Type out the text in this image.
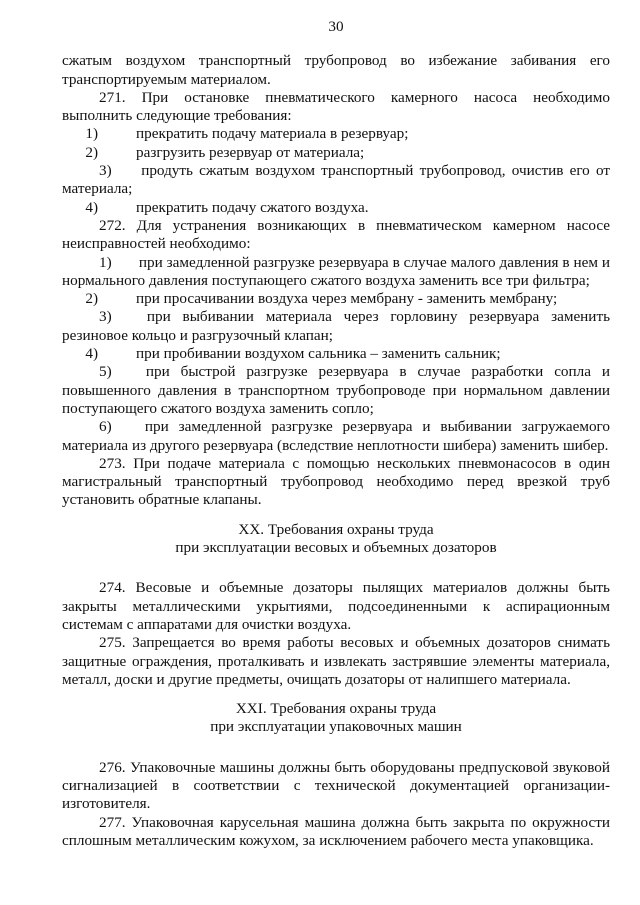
30

сжатым воздухом транспортный трубопровод во избежание забивания его транспортируемым материалом.

271. При остановке пневматического камерного насоса необходимо выполнить следующие требования:

1)	прекратить подачу материала в резервуар;
2)	разгрузить резервуар от материала;

3) продуть сжатым воздухом транспортный трубопровод, очистив его от материала;

4)	прекратить подачу сжатого воздуха.

272. Для устранения возникающих в пневматическом камерном насосе неисправностей необходимо:

1) при замедленной разгрузке резервуара в случае малого давления в нем и нормального давления поступающего сжатого воздуха заменить все три фильтра;

2)	при просачивании воздуха через мембрану - заменить мембрану;

3) при выбивании материала через горловину резервуара заменить резиновое кольцо и разгрузочный клапан;

4)	при пробивании воздухом сальника – заменить сальник;

5) при быстрой разгрузке резервуара в случае разработки сопла и повышенного давления в транспортном трубопроводе при нормальном давлении поступающего сжатого воздуха заменить сопло;

6) при замедленной разгрузке резервуара и выбивании загружаемого материала из другого резервуара (вследствие неплотности шибера) заменить шибер.

273. При подаче материала с помощью нескольких пневмонасосов в один магистральный транспортный трубопровод необходимо перед врезкой труб установить обратные клапаны.

XX. Требования охраны труда
при эксплуатации весовых и объемных дозаторов

274. Весовые и объемные дозаторы пылящих материалов должны быть закрыты металлическими укрытиями, подсоединенными к аспирационным системам с аппаратами для очистки воздуха.

275. Запрещается во время работы весовых и объемных дозаторов снимать защитные ограждения, проталкивать и извлекать застрявшие элементы материала, металл, доски и другие предметы, очищать дозаторы от налипшего материала.

XXI. Требования охраны труда
при эксплуатации упаковочных машин

276. Упаковочные машины должны быть оборудованы предпусковой звуковой сигнализацией в соответствии с технической документацией организации-изготовителя.

277. Упаковочная карусельная машина должна быть закрыта по окружности сплошным металлическим кожухом, за исключением рабочего места упаковщика.
